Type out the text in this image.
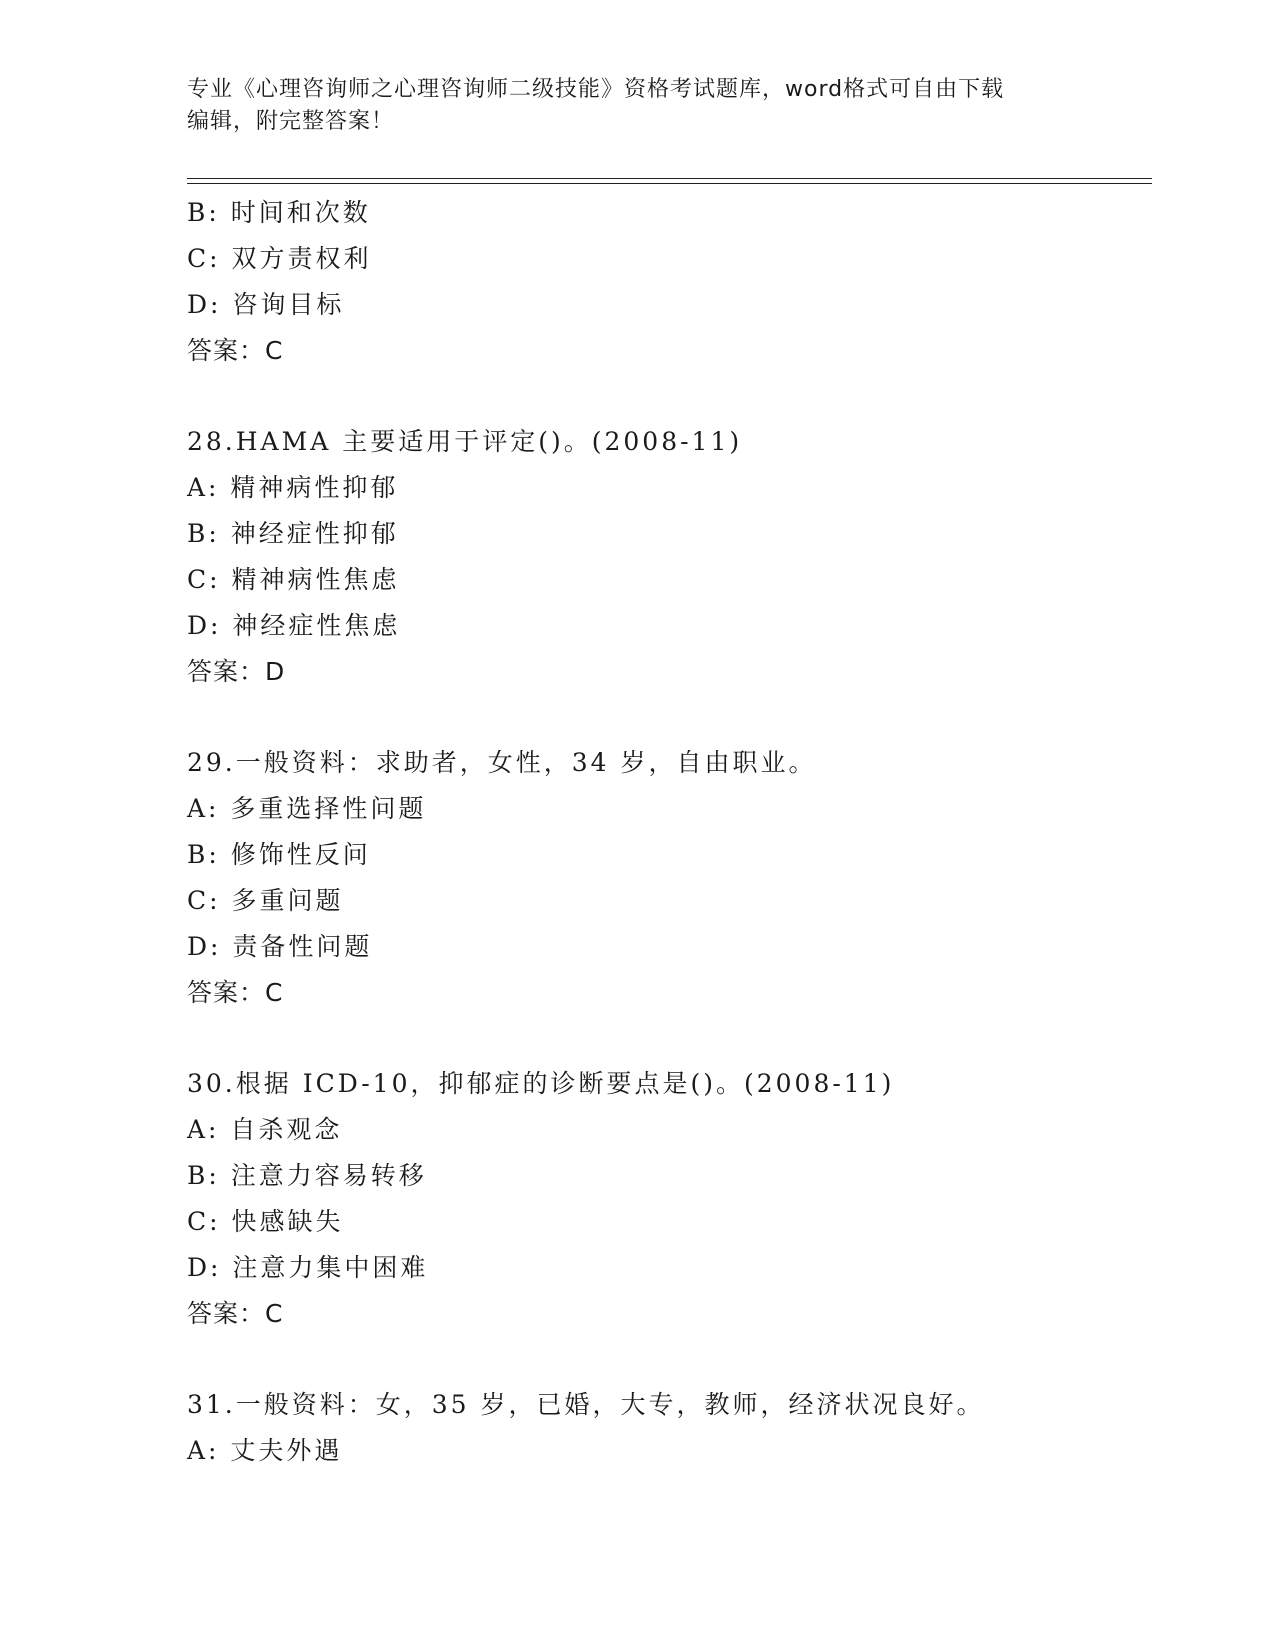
专业《心理咨询师之心理咨询师二级技能》资格考试题库，word格式可自由下载
编辑，附完整答案！
B: 时间和次数
C: 双方责权利
D: 咨询目标
答案：C
28.HAMA 主要适用于评定()。(2008-11)
A: 精神病性抑郁
B: 神经症性抑郁
C: 精神病性焦虑
D: 神经症性焦虑
答案：D
29.一般资料：求助者，女性，34 岁，自由职业。
A: 多重选择性问题
B: 修饰性反问
C: 多重问题
D: 责备性问题
答案：C
30.根据 ICD-10，抑郁症的诊断要点是()。(2008-11)
A: 自杀观念
B: 注意力容易转移
C: 快感缺失
D: 注意力集中困难
答案：C
31.一般资料：女，35 岁，已婚，大专，教师，经济状况良好。
A: 丈夫外遇
